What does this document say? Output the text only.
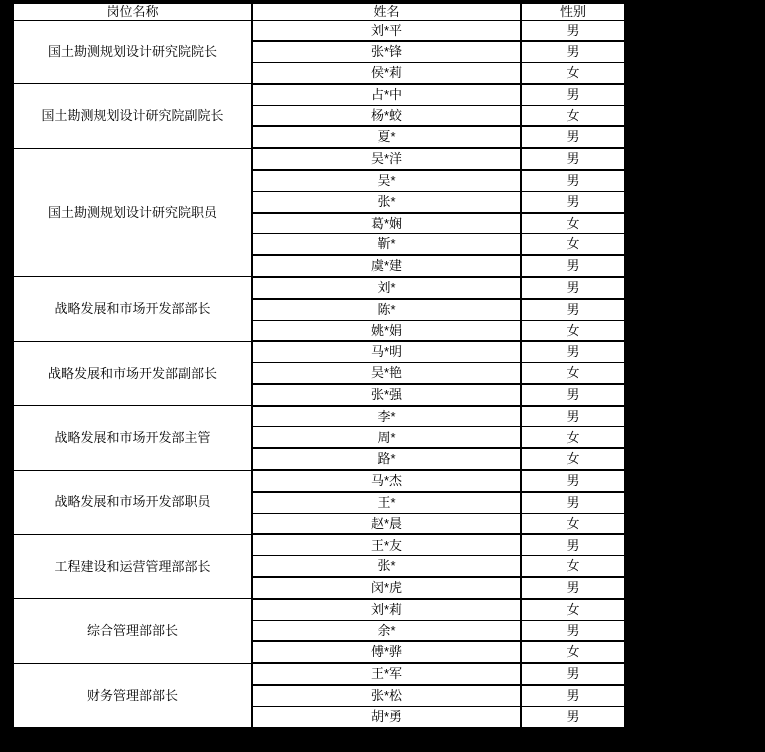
岗位名称	姓名	性别
国土勘测规划设计研究院院长	刘*平	男
	张*锋	男
	侯*莉	女
国土勘测规划设计研究院副院长	占*中	男
	杨*蛟	女
	夏*	男
国土勘测规划设计研究院职员	吴*洋	男
	吴*	男
	张*	男
	葛*娴	女
	靳*	女
	虞*建	男
战略发展和市场开发部部长	刘*	男
	陈*	男
	姚*娟	女
战略发展和市场开发部副部长	马*明	男
	吴*艳	女
	张*强	男
战略发展和市场开发部主管	李*	男
	周*	女
	路*	女
战略发展和市场开发部职员	马*杰	男
	王*	男
	赵*晨	女
工程建设和运营管理部部长	王*友	男
	张*	女
	闵*虎	男
综合管理部部长	刘*莉	女
	余*	男
	傅*骅	女
财务管理部部长	王*军	男
	张*松	男
	胡*勇	男
